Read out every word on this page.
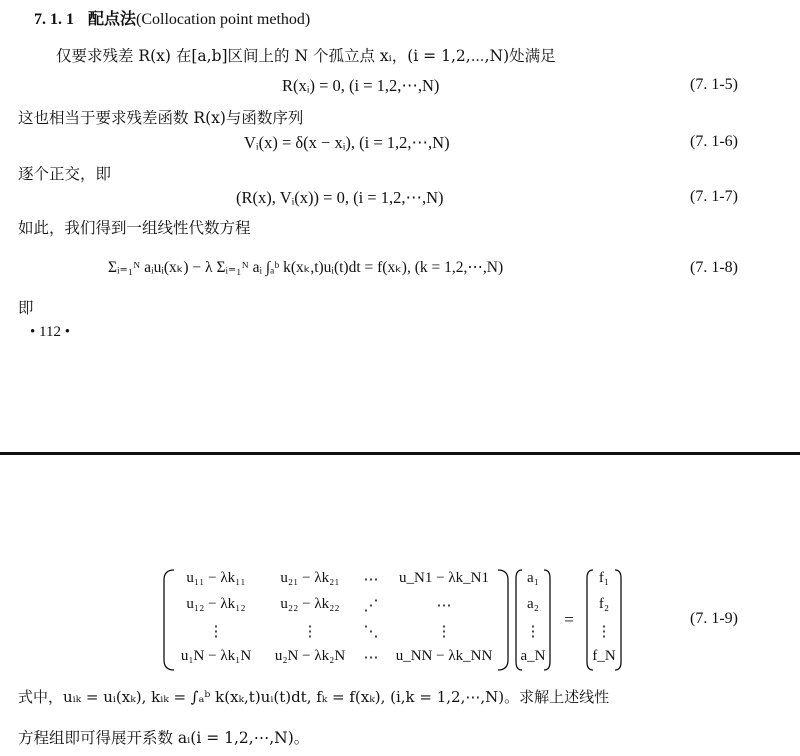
7. 1. 1 配点法(Collocation point method)
仅要求残差 R(x) 在[a,b]区间上的 N 个孤立点 xᵢ，(i = 1,2,⋯,N)处满足
R(xᵢ) = 0, (i = 1,2,⋯,N)	(7. 1-5)
这也相当于要求残差函数 R(x)与函数序列
Vᵢ(x) = δ(x − xᵢ), (i = 1,2,⋯,N)	(7. 1-6)
逐个正交，即
(R(x), Vᵢ(x)) = 0, (i = 1,2,⋯,N)	(7. 1-7)
如此，我们得到一组线性代数方程
Σᵢ₌₁ᴺ aᵢuᵢ(xₖ) − λ Σᵢ₌₁ᴺ aᵢ ∫ₐᵇ k(xₖ,t)uᵢ(t)dt = f(xₖ), (k = 1,2,⋯,N)	(7. 1-8)
即
• 112 •
u₁₁ − λk₁₁	u₂₁ − λk₂₁	⋯	u_N1 − λk_N1
u₁₂ − λk₁₂	u₂₂ − λk₂₂	⋰	⋯
⋮	⋮	⋱	⋮
u₁N − λk₁N	u₂N − λk₂N	⋯	u_NN − λk_NN
a₁
a₂
⋮
a_N
=
f₁
f₂
⋮
f_N
(7. 1-9)
式中，uᵢₖ = uᵢ(xₖ), kᵢₖ = ∫ₐᵇ k(xₖ,t)uᵢ(t)dt, fₖ = f(xₖ), (i,k = 1,2,⋯,N)。求解上述线性
方程组即可得展开系数 aᵢ(i = 1,2,⋯,N)。
